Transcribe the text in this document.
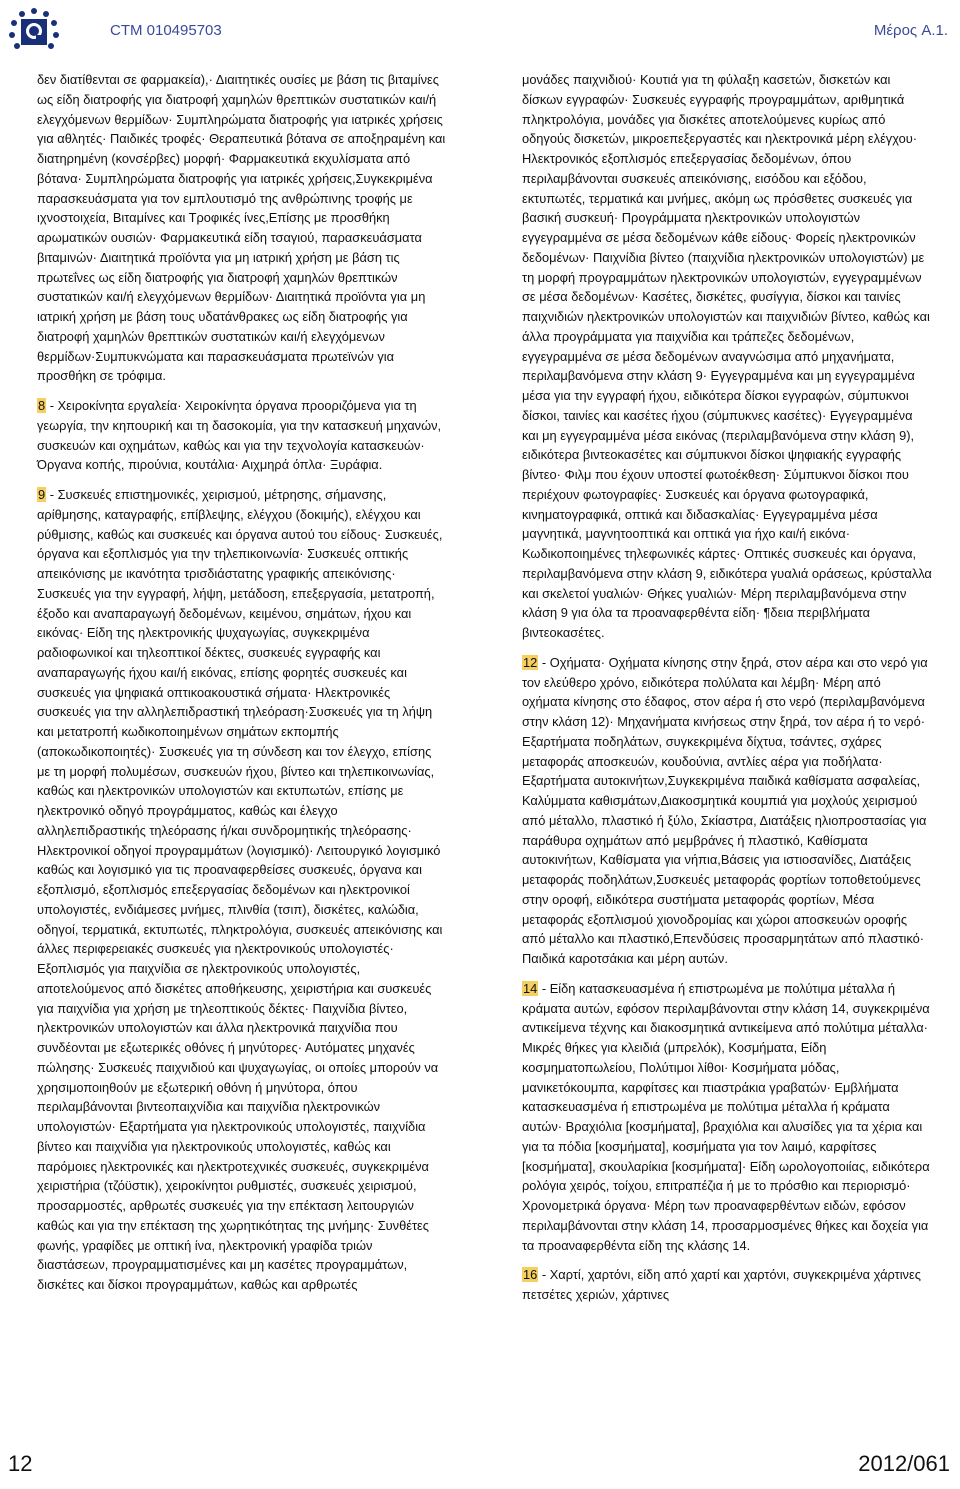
CTM 010495703	Μέρος A.1.

δεν διατίθενται σε φαρμακεία),· Διαιτητικές ουσίες με βάση τις βιταμίνες ως είδη διατροφής για διατροφή χαμηλών θρεπτικών συστατικών και/ή ελεγχόμενων θερμίδων· Συμπληρώματα διατροφής για ιατρικές χρήσεις για αθλητές· Παιδικές τροφές· Θεραπευτικά βότανα σε αποξηραμένη και διατηρημένη (κονσέρβες) μορφή· Φαρμακευτικά εκχυλίσματα από βότανα· Συμπληρώματα διατροφής για ιατρικές χρήσεις,Συγκεκριμένα παρασκευάσματα για τον εμπλουτισμό της ανθρώπινης τροφής με ιχνοστοιχεία, Βιταμίνες και Τροφικές ίνες,Επίσης με προσθήκη αρωματικών ουσιών· Φαρμακευτικά είδη τσαγιού, παρασκευάσματα βιταμινών· Διαιτητικά προϊόντα για μη ιατρική χρήση με βάση τις πρωτεΐνες ως είδη διατροφής για διατροφή χαμηλών θρεπτικών συστατικών και/ή ελεγχόμενων θερμίδων· Διαιτητικά προϊόντα για μη ιατρική χρήση με βάση τους υδατάνθρακες ως είδη διατροφής για διατροφή χαμηλών θρεπτικών συστατικών και/ή ελεγχόμενων θερμίδων·Συμπυκνώματα και παρασκευάσματα πρωτεϊνών για προσθήκη σε τρόφιμα.

8 - Χειροκίνητα εργαλεία· Χειροκίνητα όργανα προοριζόμενα για τη γεωργία, την κηπουρική και τη δασοκομία, για την κατασκευή μηχανών, συσκευών και οχημάτων, καθώς και για την τεχνολογία κατασκευών· Όργανα κοπής, πιρούνια, κουτάλια· Αιχμηρά όπλα· Ξυράφια.

9 - Συσκευές επιστημονικές, χειρισμού, μέτρησης, σήμανσης, αρίθμησης, καταγραφής, επίβλεψης, ελέγχου (δοκιμής), ελέγχου και ρύθμισης, καθώς και συσκευές και όργανα αυτού του είδους· Συσκευές, όργανα και εξοπλισμός για την τηλεπικοινωνία· Συσκευές οπτικής απεικόνισης με ικανότητα τρισδιάστατης γραφικής απεικόνισης· Συσκευές για την εγγραφή, λήψη, μετάδοση, επεξεργασία, μετατροπή, έξοδο και αναπαραγωγή δεδομένων, κειμένου, σημάτων, ήχου και εικόνας· Είδη της ηλεκτρονικής ψυχαγωγίας, συγκεκριμένα ραδιοφωνικοί και τηλεοπτικοί δέκτες, συσκευές εγγραφής και αναπαραγωγής ήχου και/ή εικόνας, επίσης φορητές συσκευές και συσκευές για ψηφιακά οπτικοακουστικά σήματα· Ηλεκτρονικές συσκευές για την αλληλεπιδραστική τηλεόραση·Συσκευές για τη λήψη και μετατροπή κωδικοποιημένων σημάτων εκπομπής (αποκωδικοποιητές)· Συσκευές για τη σύνδεση και τον έλεγχο, επίσης με τη μορφή πολυμέσων, συσκευών ήχου, βίντεο και τηλεπικοινωνίας, καθώς και ηλεκτρονικών υπολογιστών και εκτυπωτών, επίσης με ηλεκτρονικό οδηγό προγράμματος, καθώς και έλεγχο αλληλεπιδραστικής τηλεόρασης ή/και συνδρομητικής τηλεόρασης· Ηλεκτρονικοί οδηγοί προγραμμάτων (λογισμικό)· Λειτουργικό λογισμικό καθώς και λογισμικό για τις προαναφερθείσες συσκευές, όργανα και εξοπλισμό, εξοπλισμός επεξεργασίας δεδομένων και ηλεκτρονικοί υπολογιστές, ενδιάμεσες μνήμες, πλινθία (τσιπ), δισκέτες, καλώδια, οδηγοί, τερματικά, εκτυπωτές, πληκτρολόγια, συσκευές απεικόνισης και άλλες περιφερειακές συσκευές για ηλεκτρονικούς υπολογιστές· Εξοπλισμός για παιχνίδια σε ηλεκτρονικούς υπολογιστές, αποτελούμενος από δισκέτες αποθήκευσης, χειριστήρια και συσκευές για παιχνίδια για χρήση με τηλεοπτικούς δέκτες· Παιχνίδια βίντεο, ηλεκτρονικών υπολογιστών και άλλα ηλεκτρονικά παιχνίδια που συνδέονται με εξωτερικές οθόνες ή μηνύτορες· Αυτόματες μηχανές πώλησης· Συσκευές παιχνιδιού και ψυχαγωγίας, οι οποίες μπορούν να χρησιμοποιηθούν με εξωτερική οθόνη ή μηνύτορα, όπου περιλαμβάνονται βιντεοπαιχνίδια και παιχνίδια ηλεκτρονικών υπολογιστών· Εξαρτήματα για ηλεκτρονικούς υπολογιστές, παιχνίδια βίντεο και παιχνίδια για ηλεκτρονικούς υπολογιστές, καθώς και παρόμοιες ηλεκτρονικές και ηλεκτροτεχνικές συσκευές, συγκεκριμένα χειριστήρια (τζόϋστικ), χειροκίνητοι ρυθμιστές, συσκευές χειρισμού, προσαρμοστές, αρθρωτές συσκευές για την επέκταση λειτουργιών καθώς και για την επέκταση της χωρητικότητας της μνήμης· Συνθέτες φωνής, γραφίδες με οπτική ίνα, ηλεκτρονική γραφίδα τριών διαστάσεων, προγραμματισμένες και μη κασέτες προγραμμάτων, δισκέτες και δίσκοι προγραμμάτων, καθώς και αρθρωτές

μονάδες παιχνιδιού· Κουτιά για τη φύλαξη κασετών, δισκετών και δίσκων εγγραφών· Συσκευές εγγραφής προγραμμάτων, αριθμητικά πληκτρολόγια, μονάδες για δισκέτες αποτελούμενες κυρίως από οδηγούς δισκετών, μικροεπεξεργαστές και ηλεκτρονικά μέρη ελέγχου· Ηλεκτρονικός εξοπλισμός επεξεργασίας δεδομένων, όπου περιλαμβάνονται συσκευές απεικόνισης, εισόδου και εξόδου, εκτυπωτές, τερματικά και μνήμες, ακόμη ως πρόσθετες συσκευές για βασική συσκευή· Προγράμματα ηλεκτρονικών υπολογιστών εγγεγραμμένα σε μέσα δεδομένων κάθε είδους· Φορείς ηλεκτρονικών δεδομένων· Παιχνίδια βίντεο (παιχνίδια ηλεκτρονικών υπολογιστών) με τη μορφή προγραμμάτων ηλεκτρονικών υπολογιστών, εγγεγραμμένων σε μέσα δεδομένων· Κασέτες, δισκέτες, φυσίγγια, δίσκοι και ταινίες παιχνιδιών ηλεκτρονικών υπολογιστών και παιχνιδιών βίντεο, καθώς και άλλα προγράμματα για παιχνίδια και τράπεζες δεδομένων, εγγεγραμμένα σε μέσα δεδομένων αναγνώσιμα από μηχανήματα, περιλαμβανόμενα στην κλάση 9· Εγγεγραμμένα και μη εγγεγραμμένα μέσα για την εγγραφή ήχου, ειδικότερα δίσκοι εγγραφών, σύμπυκνοι δίσκοι, ταινίες και κασέτες ήχου (σύμπυκνες κασέτες)· Εγγεγραμμένα και μη εγγεγραμμένα μέσα εικόνας (περιλαμβανόμενα στην κλάση 9), ειδικότερα βιντεοκασέτες και σύμπυκνοι δίσκοι ψηφιακής εγγραφής βίντεο· Φιλμ που έχουν υποστεί φωτοέκθεση· Σύμπυκνοι δίσκοι που περιέχουν φωτογραφίες· Συσκευές και όργανα φωτογραφικά, κινηματογραφικά, οπτικά και διδασκαλίας· Εγγεγραμμένα μέσα μαγνητικά, μαγνητοοπτικά και οπτικά για ήχο και/ή εικόνα· Κωδικοποιημένες τηλεφωνικές κάρτες· Οπτικές συσκευές και όργανα, περιλαμβανόμενα στην κλάση 9, ειδικότερα γυαλιά οράσεως, κρύσταλλα και σκελετοί γυαλιών· Θήκες γυαλιών· Μέρη περιλαμβανόμενα στην κλάση 9 για όλα τα προαναφερθέντα είδη· ¶δεια περιβλήματα βιντεοκασέτες.

12 - Οχήματα· Οχήματα κίνησης στην ξηρά, στον αέρα και στο νερό για τον ελεύθερο χρόνο, ειδικότερα πολύλατα και λέμβη· Μέρη από οχήματα κίνησης στο έδαφος, στον αέρα ή στο νερό (περιλαμβανόμενα στην κλάση 12)· Μηχανήματα κινήσεως στην ξηρά, τον αέρα ή το νερό· Εξαρτήματα ποδηλάτων, συγκεκριμένα δίχτυα, τσάντες, σχάρες μεταφοράς αποσκευών, κουδούνια, αντλίες αέρα για ποδήλατα· Εξαρτήματα αυτοκινήτων,Συγκεκριμένα παιδικά καθίσματα ασφαλείας, Καλύμματα καθισμάτων,Διακοσμητικά κουμπιά για μοχλούς χειρισμού από μέταλλο, πλαστικό ή ξύλο, Σκίαστρα, Διατάξεις ηλιοπροστασίας για παράθυρα οχημάτων από μεμβράνες ή πλαστικό, Καθίσματα αυτοκινήτων, Καθίσματα για νήπια,Βάσεις για ιστιοσανίδες, Διατάξεις μεταφοράς ποδηλάτων,Συσκευές μεταφοράς φορτίων τοποθετούμενες στην οροφή, ειδικότερα συστήματα μεταφοράς φορτίων, Μέσα μεταφοράς εξοπλισμού χιονοδρομίας και χώροι αποσκευών οροφής από μέταλλο και πλαστικό,Επενδύσεις προσαρμητάτων από πλαστικό· Παιδικά καροτσάκια και μέρη αυτών.

14 - Είδη κατασκευασμένα ή επιστρωμένα με πολύτιμα μέταλλα ή κράματα αυτών, εφόσον περιλαμβάνονται στην κλάση 14, συγκεκριμένα αντικείμενα τέχνης και διακοσμητικά αντικείμενα από πολύτιμα μέταλλα· Μικρές θήκες για κλειδιά (μπρελόκ), Κοσμήματα, Είδη κοσμηματοπωλείου, Πολύτιμοι λίθοι· Κοσμήματα μόδας, μανικετόκουμπα, καρφίτσες και πιαστράκια γραβατών· Εμβλήματα κατασκευασμένα ή επιστρωμένα με πολύτιμα μέταλλα ή κράματα αυτών· Βραχιόλια [κοσμήματα], βραχιόλια και αλυσίδες για τα χέρια και για τα πόδια [κοσμήματα], κοσμήματα για τον λαιμό, καρφίτσες [κοσμήματα], σκουλαρίκια [κοσμήματα]· Είδη ωρολογοποιίας, ειδικότερα ρολόγια χειρός, τοίχου, επιτραπέζια ή με το πρόσθιο και περιορισμό· Χρονομετρικά όργανα· Μέρη των προαναφερθέντων ειδών, εφόσον περιλαμβάνονται στην κλάση 14, προσαρμοσμένες θήκες και δοχεία για τα προαναφερθέντα είδη της κλάσης 14.

16 - Χαρτί, χαρτόνι, είδη από χαρτί και χαρτόνι, συγκεκριμένα χάρτινες πετσέτες χεριών, χάρτινες

12	2012/061
